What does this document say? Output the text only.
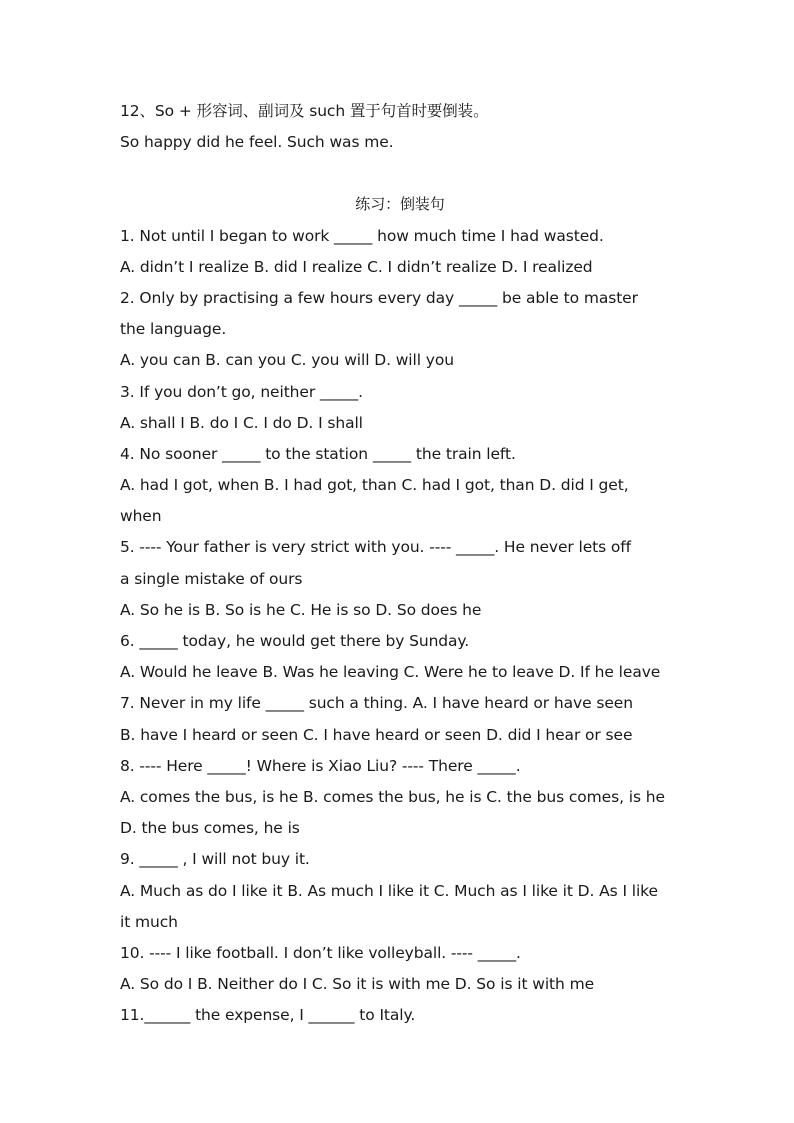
12、So + 形容词、副词及 such 置于句首时要倒装。
So happy did he feel. Such was me.
练习：倒装句
1. Not until I began to work _____ how much time I had wasted.
A. didn’t I realize B. did I realize C. I didn’t realize D. I realized
2. Only by practising a few hours every day _____ be able to master
the language.
A. you can B. can you C. you will D. will you
3. If you don’t go, neither _____.
A. shall I B. do I C. I do D. I shall
4. No sooner _____ to the station _____ the train left.
A. had I got, when B. I had got, than C. had I got, than D. did I get,
when
5. ---- Your father is very strict with you. ---- _____. He never lets off
a single mistake of ours
A. So he is B. So is he C. He is so D. So does he
6. _____ today, he would get there by Sunday.
A. Would he leave B. Was he leaving C. Were he to leave D. If he leave
7. Never in my life _____ such a thing. A. I have heard or have seen
B. have I heard or seen C. I have heard or seen D. did I hear or see
8. ---- Here _____! Where is Xiao Liu? ---- There _____.
A. comes the bus, is he B. comes the bus, he is C. the bus comes, is he
D. the bus comes, he is
9. _____ , I will not buy it.
A. Much as do I like it B. As much I like it C. Much as I like it D. As I like
it much
10. ---- I like football. I don’t like volleyball. ---- _____.
A. So do I B. Neither do I C. So it is with me D. So is it with me
11.______ the expense, I ______ to Italy.
